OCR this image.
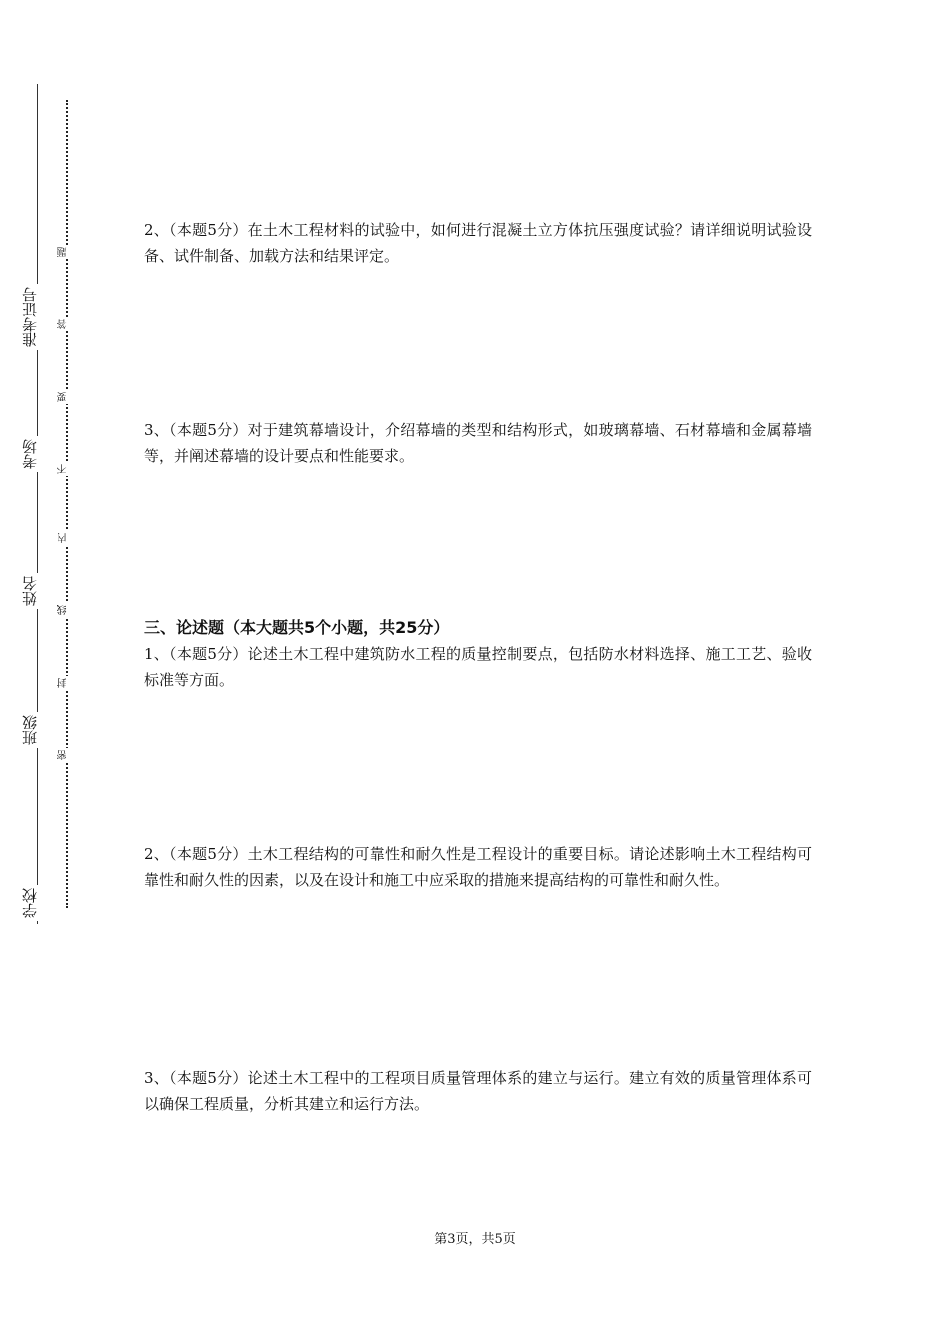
准考证号
考场
姓名
班级
学校
题
答
要
不
内
线
封
密

2、（本题5分）在土木工程材料的试验中，如何进行混凝土立方体抗压强度试验？请详细说明试验设备、试件制备、加载方法和结果评定。

3、（本题5分）对于建筑幕墙设计，介绍幕墙的类型和结构形式，如玻璃幕墙、石材幕墙和金属幕墙等，并阐述幕墙的设计要点和性能要求。

三、论述题（本大题共5个小题，共25分）

1、（本题5分）论述土木工程中建筑防水工程的质量控制要点，包括防水材料选择、施工工艺、验收标准等方面。

2、（本题5分）土木工程结构的可靠性和耐久性是工程设计的重要目标。请论述影响土木工程结构可靠性和耐久性的因素，以及在设计和施工中应采取的措施来提高结构的可靠性和耐久性。

3、（本题5分）论述土木工程中的工程项目质量管理体系的建立与运行。建立有效的质量管理体系可以确保工程质量，分析其建立和运行方法。

第3页，共5页
